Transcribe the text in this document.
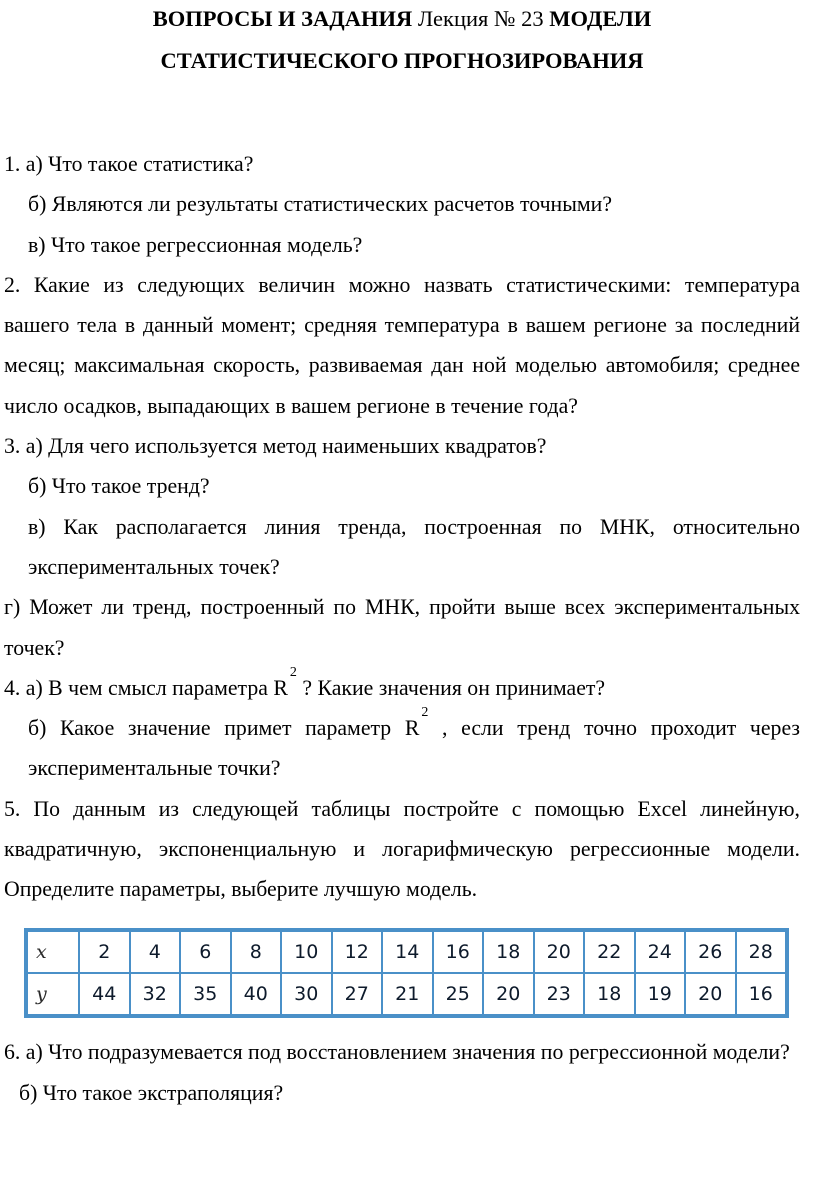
ВОПРОСЫ И ЗАДАНИЯ Лекция № 23 МОДЕЛИ
СТАТИСТИЧЕСКОГО ПРОГНОЗИРОВАНИЯ

1. а) Что такое статистика?

б) Являются ли результаты статистических расчетов точными?

в) Что такое регрессионная модель?

2. Какие из следующих величин можно назвать статистическими: температура вашего тела в данный момент; средняя температура в вашем регионе за последний месяц; максимальная скорость, развиваемая дан ной моделью автомобиля; среднее число осадков, выпадающих в вашем регионе в течение года?

3. а) Для чего используется метод наименьших квадратов?

б) Что такое тренд?

в) Как располагается линия тренда, построенная по МНК, относительно экспериментальных точек?

г) Может ли тренд, построенный по МНК, пройти выше всех экспериментальных точек?

4. а) В чем смысл параметра $R^2$ ? Какие значения он принимает?

б) Какое значение примет параметр $R^2$ , если тренд точно проходит через экспериментальные точки?

5. По данным из следующей таблицы постройте с помощью Excel линейную, квадратичную, экспоненциальную и логарифмическую регрессионные модели. Определите параметры, выберите лучшую модель.

x	2	4	6	8	10	12	14	16	18	20	22	24	26	28
y	44	32	35	40	30	27	21	25	20	23	18	19	20	16

6. а) Что подразумевается под восстановлением значения по регрессионной модели?

б) Что такое экстраполяция?
